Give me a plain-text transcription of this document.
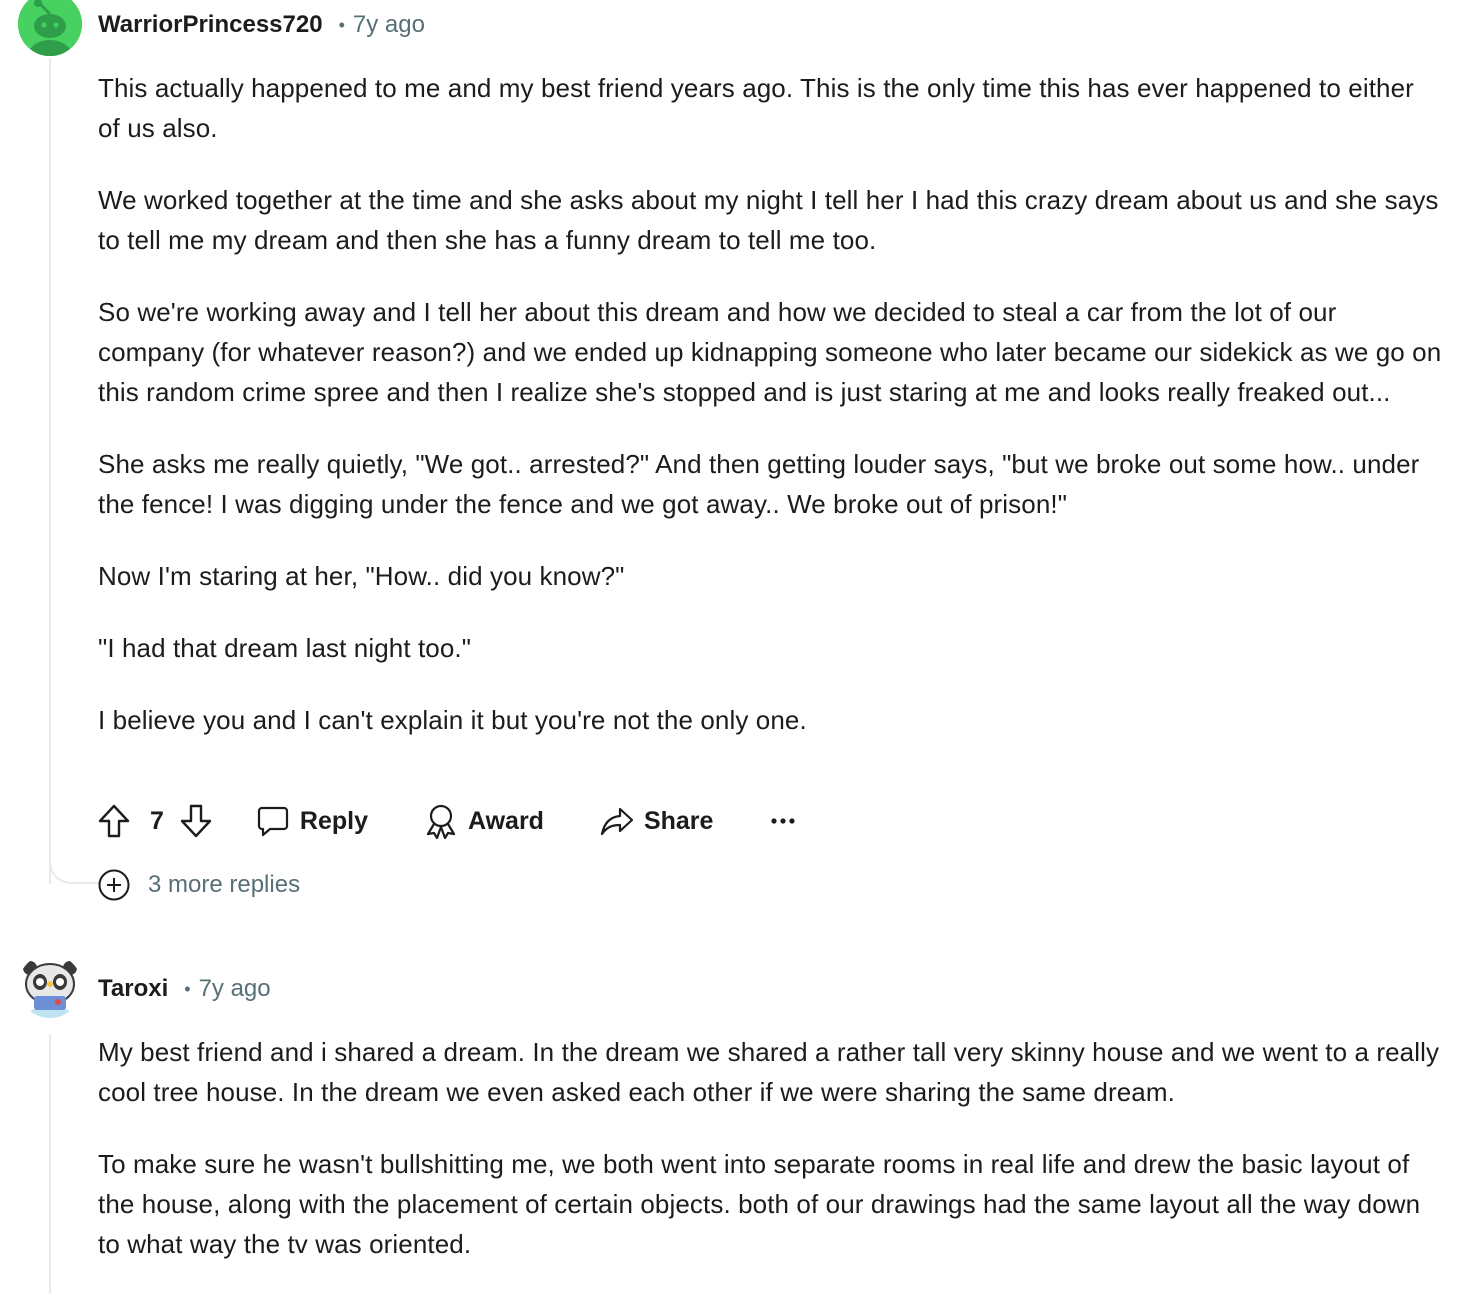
WarriorPrincess720 • 7y ago

This actually happened to me and my best friend years ago. This is the only time this has ever happened to either of us also.

We worked together at the time and she asks about my night I tell her I had this crazy dream about us and she says to tell me my dream and then she has a funny dream to tell me too.

So we're working away and I tell her about this dream and how we decided to steal a car from the lot of our company (for whatever reason?) and we ended up kidnapping someone who later became our sidekick as we go on this random crime spree and then I realize she's stopped and is just staring at me and looks really freaked out...

She asks me really quietly, "We got.. arrested?" And then getting louder says, "but we broke out some how.. under the fence! I was digging under the fence and we got away.. We broke out of prison!"

Now I'm staring at her, "How.. did you know?"

"I had that dream last night too."

I believe you and I can't explain it but you're not the only one.

7	Reply	Award	Share
3 more replies
Taroxi • 7y ago

My best friend and i shared a dream. In the dream we shared a rather tall very skinny house and we went to a really cool tree house. In the dream we even asked each other if we were sharing the same dream.

To make sure he wasn't bullshitting me, we both went into separate rooms in real life and drew the basic layout of the house, along with the placement of certain objects. both of our drawings had the same layout all the way down to what way the tv was oriented.
